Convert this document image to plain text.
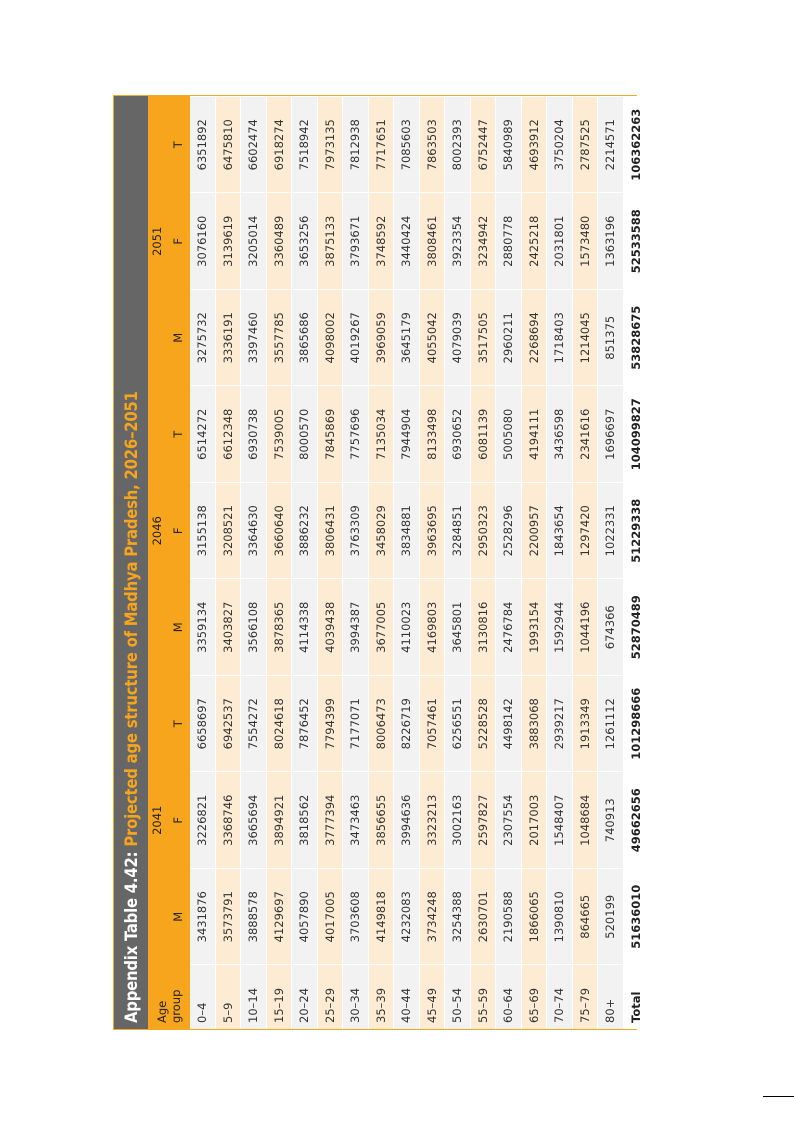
Appendix Table 4.42:

Projected age structure of Madhya Pradesh, 2026–2051
Age group	2041			2046			2051		
	M	F	T	M	F	T	M	F	T
0–4	3431876	3226821	6658697	3359134	3155138	6514272	3275732	3076160	6351892
5–9	3573791	3368746	6942537	3403827	3208521	6612348	3336191	3139619	6475810
10–14	3888578	3665694	7554272	3566108	3364630	6930738	3397460	3205014	6602474
15–19	4129697	3894921	8024618	3878365	3660640	7539005	3557785	3360489	6918274
20–24	4057890	3818562	7876452	4114338	3886232	8000570	3865686	3653256	7518942
25–29	4017005	3777394	7794399	4039438	3806431	7845869	4098002	3875133	7973135
30–34	3703608	3473463	7177071	3994387	3763309	7757696	4019267	3793671	7812938
35–39	4149818	3856655	8006473	3677005	3458029	7135034	3969059	3748592	7717651
40–44	4232083	3994636	8226719	4110023	3834881	7944904	3645179	3440424	7085603
45–49	3734248	3323213	7057461	4169803	3963695	8133498	4055042	3808461	7863503
50–54	3254388	3002163	6256551	3645801	3284851	6930652	4079039	3923354	8002393
55–59	2630701	2597827	5228528	3130816	2950323	6081139	3517505	3234942	6752447
60–64	2190588	2307554	4498142	2476784	2528296	5005080	2960211	2880778	5840989
65–69	1866065	2017003	3883068	1993154	2200957	4194111	2268694	2425218	4693912
70–74	1390810	1548407	2939217	1592944	1843654	3436598	1718403	2031801	3750204
75–79	864665	1048684	1913349	1044196	1297420	2341616	1214045	1573480	2787525
80+	520199	740913	1261112	674366	1022331	1696697	851375	1363196	2214571
Total	51636010	49662656	101298666	52870489	51229338	104099827	53828675	52533588	106362263
